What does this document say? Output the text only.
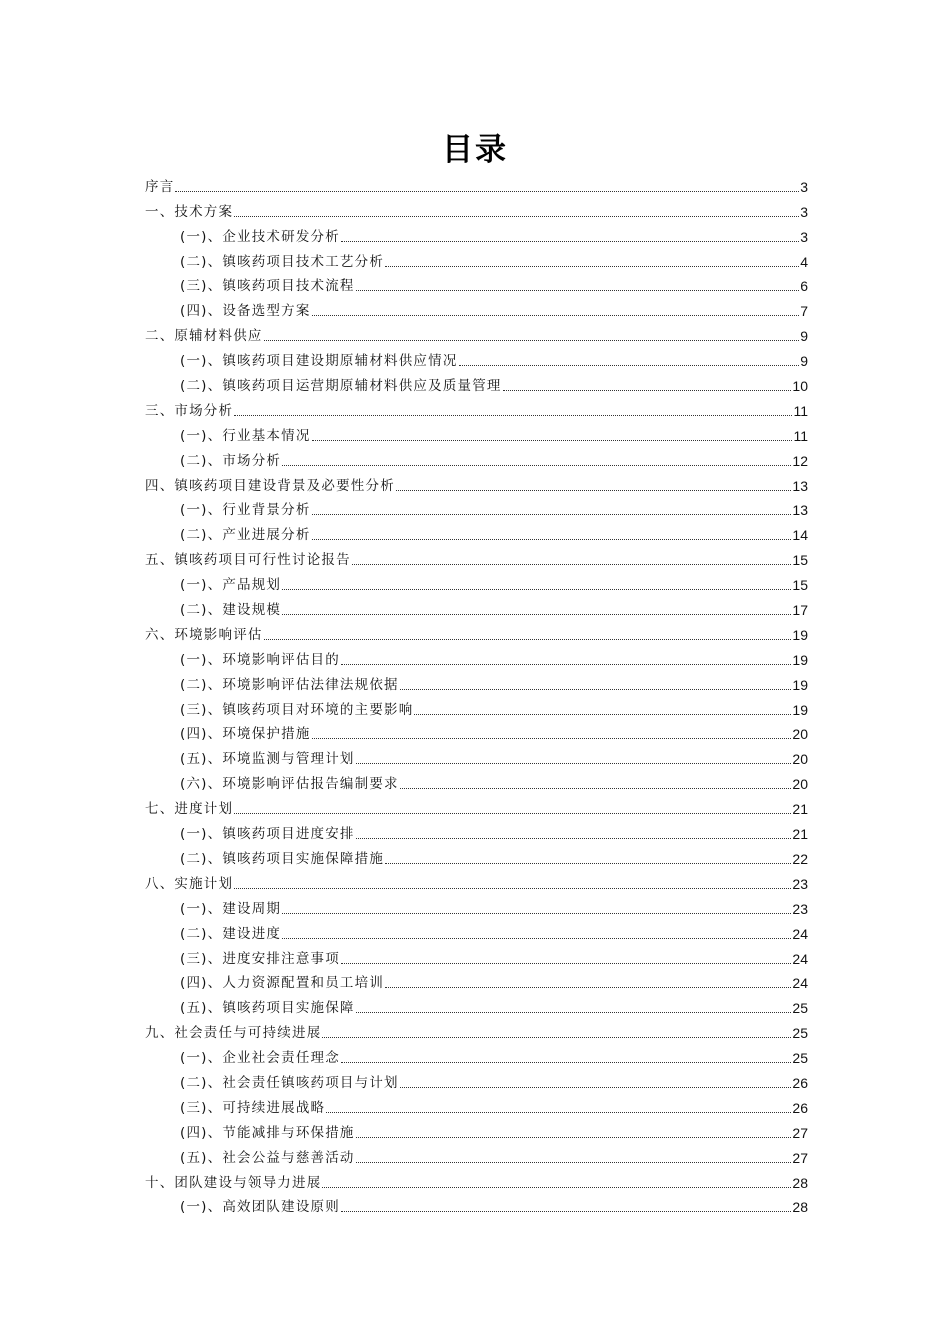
目录
序言	3
一、技术方案	3
(一)、企业技术研发分析	3
(二)、镇咳药项目技术工艺分析	4
(三)、镇咳药项目技术流程	6
(四)、设备选型方案	7
二、原辅材料供应	9
(一)、镇咳药项目建设期原辅材料供应情况	9
(二)、镇咳药项目运营期原辅材料供应及质量管理	10
三、市场分析	11
(一)、行业基本情况	11
(二)、市场分析	12
四、镇咳药项目建设背景及必要性分析	13
(一)、行业背景分析	13
(二)、产业进展分析	14
五、镇咳药项目可行性讨论报告	15
(一)、产品规划	15
(二)、建设规模	17
六、环境影响评估	19
(一)、环境影响评估目的	19
(二)、环境影响评估法律法规依据	19
(三)、镇咳药项目对环境的主要影响	19
(四)、环境保护措施	20
(五)、环境监测与管理计划	20
(六)、环境影响评估报告编制要求	20
七、进度计划	21
(一)、镇咳药项目进度安排	21
(二)、镇咳药项目实施保障措施	22
八、实施计划	23
(一)、建设周期	23
(二)、建设进度	24
(三)、进度安排注意事项	24
(四)、人力资源配置和员工培训	24
(五)、镇咳药项目实施保障	25
九、社会责任与可持续进展	25
(一)、企业社会责任理念	25
(二)、社会责任镇咳药项目与计划	26
(三)、可持续进展战略	26
(四)、节能减排与环保措施	27
(五)、社会公益与慈善活动	27
十、团队建设与领导力进展	28
(一)、高效团队建设原则	28
